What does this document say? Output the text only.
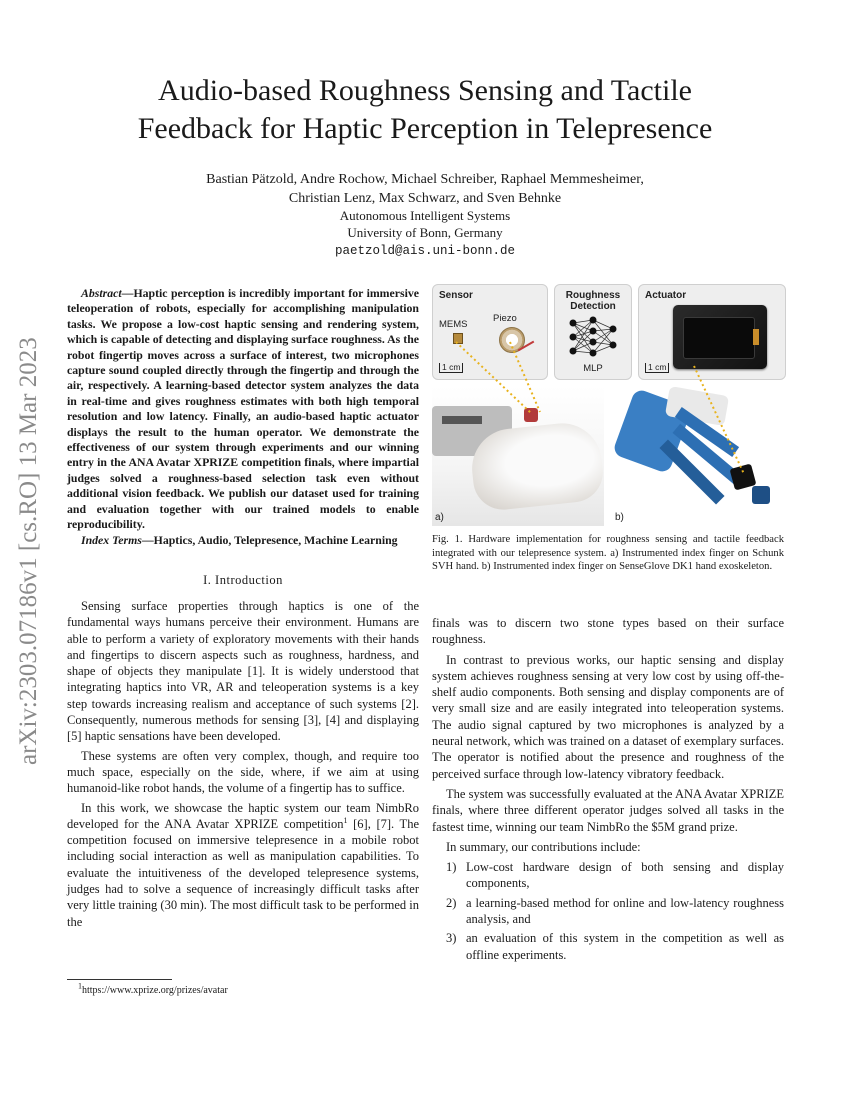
arXiv:2303.07186v1 [cs.RO] 13 Mar 2023
Audio-based Roughness Sensing and Tactile
Feedback for Haptic Perception in Telepresence
Bastian Pätzold, Andre Rochow, Michael Schreiber, Raphael Memmesheimer,
Christian Lenz, Max Schwarz, and Sven Behnke
Autonomous Intelligent Systems
University of Bonn, Germany
paetzold@ais.uni-bonn.de

Abstract—Haptic perception is incredibly important for immersive teleoperation of robots, especially for accomplishing manipulation tasks. We propose a low-cost haptic sensing and rendering system, which is capable of detecting and displaying surface roughness. As the robot fingertip moves across a surface of interest, two microphones capture sound coupled directly through the fingertip and through the air, respectively. A learning-based detector system analyzes the data in real-time and gives roughness estimates with both high temporal resolution and low latency. Finally, an audio-based haptic actuator displays the result to the human operator. We demonstrate the effectiveness of our system through experiments and our winning entry in the ANA Avatar XPRIZE competition finals, where impartial judges solved a roughness-based selection task even without additional vision feedback. We publish our dataset used for training and evaluation together with our trained models to enable reproducibility.

Index Terms—Haptics, Audio, Telepresence, Machine Learning

I. Introduction

Sensing surface properties through haptics is one of the fundamental ways humans perceive their environment. Humans are able to perform a variety of exploratory movements with their hands and fingertips to discern aspects such as roughness, hardness, and shape of objects they manipulate [1]. It is widely understood that integrating haptics into VR, AR and teleoperation systems is a key step towards increasing realism and acceptance of such systems [2]. Consequently, numerous methods for sensing [3], [4] and displaying [5] haptic sensations have been developed.

These systems are often very complex, though, and require too much space, especially on the side, where, if we aim at using humanoid-like robot hands, the volume of a fingertip has to suffice.

In this work, we showcase the haptic system our team NimbRo developed for the ANA Avatar XPRIZE competition$^1$ [6], [7]. The competition focused on immersive telepresence in a mobile robot including social interaction as well as manipulation capabilities. To evaluate the intuitiveness of the developed telepresence systems, judges had to solve a sequence of increasingly difficult tasks after very little training (30 min). The most difficult task to be performed in the

$^1$https://www.xprize.org/prizes/avatar
Sensor
MEMS
Piezo
1 cm
Roughness Detection
MLP
Actuator
1 cm
a)	b)
Fig. 1. Hardware implementation for roughness sensing and tactile feedback integrated with our telepresence system. a) Instrumented index finger on Schunk SVH hand. b) Instrumented index finger on SenseGlove DK1 hand exoskeleton.

finals was to discern two stone types based on their surface roughness.

In contrast to previous works, our haptic sensing and display system achieves roughness sensing at very low cost by using off-the-shelf audio components. Both sensing and display components are of very small size and are easily integrated into teleoperation systems. The audio signal captured by two microphones is analyzed by a neural network, which was trained on a dataset of exemplary surfaces. The operator is notified about the presence and roughness of the perceived surface through low-latency vibratory feedback.

The system was successfully evaluated at the ANA Avatar XPRIZE finals, where three different operator judges solved all tasks in the fastest time, winning our team NimbRo the $5M grand prize.

In summary, our contributions include:

1) Low-cost hardware design of both sensing and display components,
2) a learning-based method for online and low-latency roughness analysis, and
3) an evaluation of this system in the competition as well as offline experiments.
